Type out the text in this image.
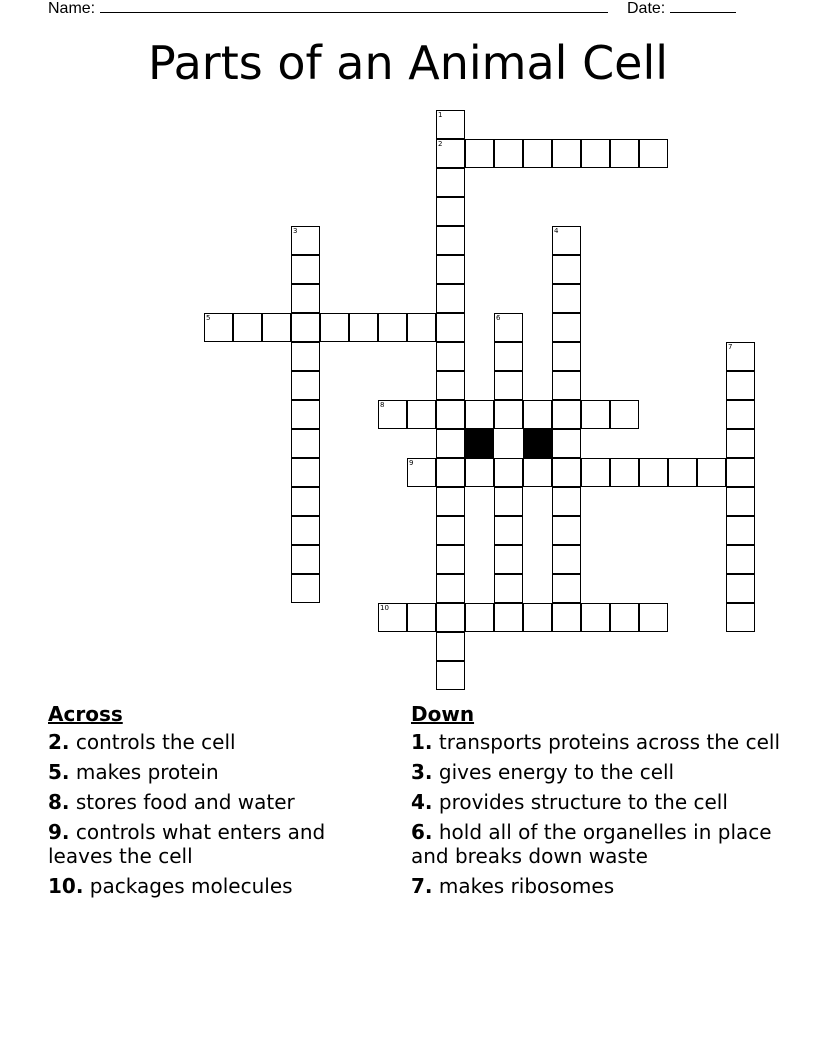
Name:	Date:
Parts of an Animal Cell
1
2
3	4
5	6
7
8
9
10
Across
2. controls the cell
5. makes protein
8. stores food and water
9. controls what enters and leaves the cell
10. packages molecules
Down
1. transports proteins across the cell
3. gives energy to the cell
4. provides structure to the cell
6. hold all of the organelles in place and breaks down waste
7. makes ribosomes
